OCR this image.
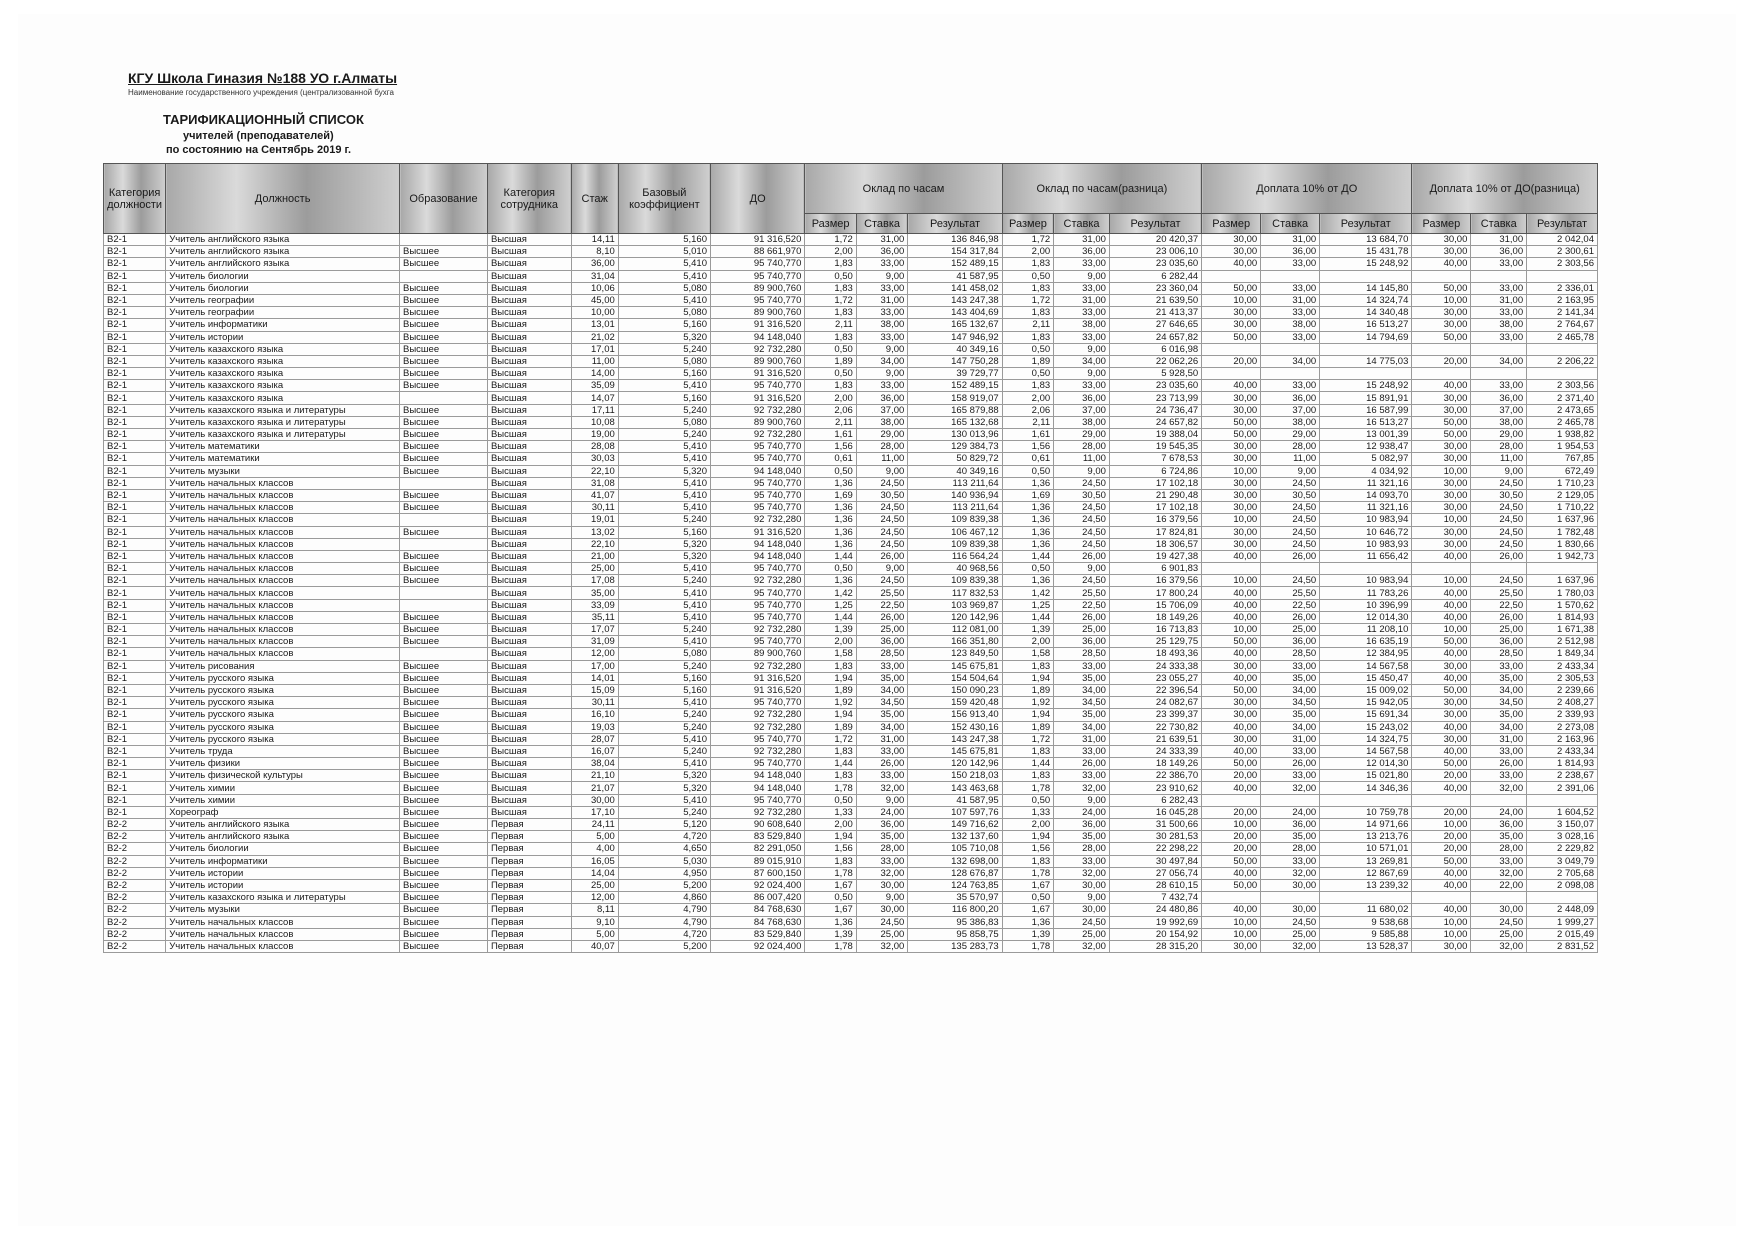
КГУ Школа Гиназия №188 УО г.Алматы
Наименование государственного учреждения (централизованной бухга
ТАРИФИКАЦИОННЫЙ СПИСОК
учителей (преподавателей)
по состоянию на Сентябрь 2019 г.
Категория должности	Должность	Образование	Категория сотрудника	Стаж	Базовый коэффициент	ДО	Оклад по часам			Оклад по часам(разница)			Доплата 10% от ДО			Доплата 10% от ДО(разница)		
							Размер	Ставка	Результат	Размер	Ставка	Результат	Размер	Ставка	Результат	Размер	Ставка	Результат
B2-1	Учитель английского языка		Высшая	14,11	5,160	91 316,520	1,72	31,00	136 846,98	1,72	31,00	20 420,37	30,00	31,00	13 684,70	30,00	31,00	2 042,04
B2-1	Учитель английского языка	Высшее	Высшая	8,10	5,010	88 661,970	2,00	36,00	154 317,84	2,00	36,00	23 006,10	30,00	36,00	15 431,78	30,00	36,00	2 300,61
B2-1	Учитель английского языка	Высшее	Высшая	36,00	5,410	95 740,770	1,83	33,00	152 489,15	1,83	33,00	23 035,60	40,00	33,00	15 248,92	40,00	33,00	2 303,56
B2-1	Учитель биологии		Высшая	31,04	5,410	95 740,770	0,50	9,00	41 587,95	0,50	9,00	6 282,44						
B2-1	Учитель биологии	Высшее	Высшая	10,06	5,080	89 900,760	1,83	33,00	141 458,02	1,83	33,00	23 360,04	50,00	33,00	14 145,80	50,00	33,00	2 336,01
B2-1	Учитель географии	Высшее	Высшая	45,00	5,410	95 740,770	1,72	31,00	143 247,38	1,72	31,00	21 639,50	10,00	31,00	14 324,74	10,00	31,00	2 163,95
B2-1	Учитель географии	Высшее	Высшая	10,00	5,080	89 900,760	1,83	33,00	143 404,69	1,83	33,00	21 413,37	30,00	33,00	14 340,48	30,00	33,00	2 141,34
B2-1	Учитель информатики	Высшее	Высшая	13,01	5,160	91 316,520	2,11	38,00	165 132,67	2,11	38,00	27 646,65	30,00	38,00	16 513,27	30,00	38,00	2 764,67
B2-1	Учитель истории	Высшее	Высшая	21,02	5,320	94 148,040	1,83	33,00	147 946,92	1,83	33,00	24 657,82	50,00	33,00	14 794,69	50,00	33,00	2 465,78
B2-1	Учитель казахского языка	Высшее	Высшая	17,01	5,240	92 732,280	0,50	9,00	40 349,16	0,50	9,00	6 016,98						
B2-1	Учитель казахского языка	Высшее	Высшая	11,00	5,080	89 900,760	1,89	34,00	147 750,28	1,89	34,00	22 062,26	20,00	34,00	14 775,03	20,00	34,00	2 206,22
B2-1	Учитель казахского языка	Высшее	Высшая	14,00	5,160	91 316,520	0,50	9,00	39 729,77	0,50	9,00	5 928,50						
B2-1	Учитель казахского языка	Высшее	Высшая	35,09	5,410	95 740,770	1,83	33,00	152 489,15	1,83	33,00	23 035,60	40,00	33,00	15 248,92	40,00	33,00	2 303,56
B2-1	Учитель казахского языка		Высшая	14,07	5,160	91 316,520	2,00	36,00	158 919,07	2,00	36,00	23 713,99	30,00	36,00	15 891,91	30,00	36,00	2 371,40
B2-1	Учитель казахского языка и литературы	Высшее	Высшая	17,11	5,240	92 732,280	2,06	37,00	165 879,88	2,06	37,00	24 736,47	30,00	37,00	16 587,99	30,00	37,00	2 473,65
B2-1	Учитель казахского языка и литературы	Высшее	Высшая	10,08	5,080	89 900,760	2,11	38,00	165 132,68	2,11	38,00	24 657,82	50,00	38,00	16 513,27	50,00	38,00	2 465,78
B2-1	Учитель казахского языка и литературы	Высшее	Высшая	19,00	5,240	92 732,280	1,61	29,00	130 013,96	1,61	29,00	19 388,04	50,00	29,00	13 001,39	50,00	29,00	1 938,82
B2-1	Учитель математики	Высшее	Высшая	28,08	5,410	95 740,770	1,56	28,00	129 384,73	1,56	28,00	19 545,35	30,00	28,00	12 938,47	30,00	28,00	1 954,53
B2-1	Учитель математики	Высшее	Высшая	30,03	5,410	95 740,770	0,61	11,00	50 829,72	0,61	11,00	7 678,53	30,00	11,00	5 082,97	30,00	11,00	767,85
B2-1	Учитель музыки	Высшее	Высшая	22,10	5,320	94 148,040	0,50	9,00	40 349,16	0,50	9,00	6 724,86	10,00	9,00	4 034,92	10,00	9,00	672,49
B2-1	Учитель начальных классов		Высшая	31,08	5,410	95 740,770	1,36	24,50	113 211,64	1,36	24,50	17 102,18	30,00	24,50	11 321,16	30,00	24,50	1 710,23
B2-1	Учитель начальных классов	Высшее	Высшая	41,07	5,410	95 740,770	1,69	30,50	140 936,94	1,69	30,50	21 290,48	30,00	30,50	14 093,70	30,00	30,50	2 129,05
B2-1	Учитель начальных классов	Высшее	Высшая	30,11	5,410	95 740,770	1,36	24,50	113 211,64	1,36	24,50	17 102,18	30,00	24,50	11 321,16	30,00	24,50	1 710,22
B2-1	Учитель начальных классов		Высшая	19,01	5,240	92 732,280	1,36	24,50	109 839,38	1,36	24,50	16 379,56	10,00	24,50	10 983,94	10,00	24,50	1 637,96
B2-1	Учитель начальных классов	Высшее	Высшая	13,02	5,160	91 316,520	1,36	24,50	106 467,12	1,36	24,50	17 824,81	30,00	24,50	10 646,72	30,00	24,50	1 782,48
B2-1	Учитель начальных классов		Высшая	22,10	5,320	94 148,040	1,36	24,50	109 839,38	1,36	24,50	18 306,57	30,00	24,50	10 983,93	30,00	24,50	1 830,66
B2-1	Учитель начальных классов	Высшее	Высшая	21,00	5,320	94 148,040	1,44	26,00	116 564,24	1,44	26,00	19 427,38	40,00	26,00	11 656,42	40,00	26,00	1 942,73
B2-1	Учитель начальных классов	Высшее	Высшая	25,00	5,410	95 740,770	0,50	9,00	40 968,56	0,50	9,00	6 901,83						
B2-1	Учитель начальных классов	Высшее	Высшая	17,08	5,240	92 732,280	1,36	24,50	109 839,38	1,36	24,50	16 379,56	10,00	24,50	10 983,94	10,00	24,50	1 637,96
B2-1	Учитель начальных классов		Высшая	35,00	5,410	95 740,770	1,42	25,50	117 832,53	1,42	25,50	17 800,24	40,00	25,50	11 783,26	40,00	25,50	1 780,03
B2-1	Учитель начальных классов		Высшая	33,09	5,410	95 740,770	1,25	22,50	103 969,87	1,25	22,50	15 706,09	40,00	22,50	10 396,99	40,00	22,50	1 570,62
B2-1	Учитель начальных классов	Высшее	Высшая	35,11	5,410	95 740,770	1,44	26,00	120 142,96	1,44	26,00	18 149,26	40,00	26,00	12 014,30	40,00	26,00	1 814,93
B2-1	Учитель начальных классов	Высшее	Высшая	17,07	5,240	92 732,280	1,39	25,00	112 081,00	1,39	25,00	16 713,83	10,00	25,00	11 208,10	10,00	25,00	1 671,38
B2-1	Учитель начальных классов	Высшее	Высшая	31,09	5,410	95 740,770	2,00	36,00	166 351,80	2,00	36,00	25 129,75	50,00	36,00	16 635,19	50,00	36,00	2 512,98
B2-1	Учитель начальных классов		Высшая	12,00	5,080	89 900,760	1,58	28,50	123 849,50	1,58	28,50	18 493,36	40,00	28,50	12 384,95	40,00	28,50	1 849,34
B2-1	Учитель рисования	Высшее	Высшая	17,00	5,240	92 732,280	1,83	33,00	145 675,81	1,83	33,00	24 333,38	30,00	33,00	14 567,58	30,00	33,00	2 433,34
B2-1	Учитель русского языка	Высшее	Высшая	14,01	5,160	91 316,520	1,94	35,00	154 504,64	1,94	35,00	23 055,27	40,00	35,00	15 450,47	40,00	35,00	2 305,53
B2-1	Учитель русского языка	Высшее	Высшая	15,09	5,160	91 316,520	1,89	34,00	150 090,23	1,89	34,00	22 396,54	50,00	34,00	15 009,02	50,00	34,00	2 239,66
B2-1	Учитель русского языка	Высшее	Высшая	30,11	5,410	95 740,770	1,92	34,50	159 420,48	1,92	34,50	24 082,67	30,00	34,50	15 942,05	30,00	34,50	2 408,27
B2-1	Учитель русского языка	Высшее	Высшая	16,10	5,240	92 732,280	1,94	35,00	156 913,40	1,94	35,00	23 399,37	30,00	35,00	15 691,34	30,00	35,00	2 339,93
B2-1	Учитель русского языка	Высшее	Высшая	19,03	5,240	92 732,280	1,89	34,00	152 430,16	1,89	34,00	22 730,82	40,00	34,00	15 243,02	40,00	34,00	2 273,08
B2-1	Учитель русского языка	Высшее	Высшая	28,07	5,410	95 740,770	1,72	31,00	143 247,38	1,72	31,00	21 639,51	30,00	31,00	14 324,75	30,00	31,00	2 163,96
B2-1	Учитель труда	Высшее	Высшая	16,07	5,240	92 732,280	1,83	33,00	145 675,81	1,83	33,00	24 333,39	40,00	33,00	14 567,58	40,00	33,00	2 433,34
B2-1	Учитель физики	Высшее	Высшая	38,04	5,410	95 740,770	1,44	26,00	120 142,96	1,44	26,00	18 149,26	50,00	26,00	12 014,30	50,00	26,00	1 814,93
B2-1	Учитель физической культуры	Высшее	Высшая	21,10	5,320	94 148,040	1,83	33,00	150 218,03	1,83	33,00	22 386,70	20,00	33,00	15 021,80	20,00	33,00	2 238,67
B2-1	Учитель химии	Высшее	Высшая	21,07	5,320	94 148,040	1,78	32,00	143 463,68	1,78	32,00	23 910,62	40,00	32,00	14 346,36	40,00	32,00	2 391,06
B2-1	Учитель химии	Высшее	Высшая	30,00	5,410	95 740,770	0,50	9,00	41 587,95	0,50	9,00	6 282,43						
B2-1	Хореограф	Высшее	Высшая	17,10	5,240	92 732,280	1,33	24,00	107 597,76	1,33	24,00	16 045,28	20,00	24,00	10 759,78	20,00	24,00	1 604,52
B2-2	Учитель английского языка	Высшее	Первая	24,11	5,120	90 608,640	2,00	36,00	149 716,62	2,00	36,00	31 500,66	10,00	36,00	14 971,66	10,00	36,00	3 150,07
B2-2	Учитель английского языка	Высшее	Первая	5,00	4,720	83 529,840	1,94	35,00	132 137,60	1,94	35,00	30 281,53	20,00	35,00	13 213,76	20,00	35,00	3 028,16
B2-2	Учитель биологии	Высшее	Первая	4,00	4,650	82 291,050	1,56	28,00	105 710,08	1,56	28,00	22 298,22	20,00	28,00	10 571,01	20,00	28,00	2 229,82
B2-2	Учитель информатики	Высшее	Первая	16,05	5,030	89 015,910	1,83	33,00	132 698,00	1,83	33,00	30 497,84	50,00	33,00	13 269,81	50,00	33,00	3 049,79
B2-2	Учитель истории	Высшее	Первая	14,04	4,950	87 600,150	1,78	32,00	128 676,87	1,78	32,00	27 056,74	40,00	32,00	12 867,69	40,00	32,00	2 705,68
B2-2	Учитель истории	Высшее	Первая	25,00	5,200	92 024,400	1,67	30,00	124 763,85	1,67	30,00	28 610,15	50,00	30,00	13 239,32	40,00	22,00	2 098,08
B2-2	Учитель казахского языка и литературы	Высшее	Первая	12,00	4,860	86 007,420	0,50	9,00	35 570,97	0,50	9,00	7 432,74						
B2-2	Учитель музыки	Высшее	Первая	8,11	4,790	84 768,630	1,67	30,00	116 800,20	1,67	30,00	24 480,86	40,00	30,00	11 680,02	40,00	30,00	2 448,09
B2-2	Учитель начальных классов	Высшее	Первая	9,10	4,790	84 768,630	1,36	24,50	95 386,83	1,36	24,50	19 992,69	10,00	24,50	9 538,68	10,00	24,50	1 999,27
B2-2	Учитель начальных классов	Высшее	Первая	5,00	4,720	83 529,840	1,39	25,00	95 858,75	1,39	25,00	20 154,92	10,00	25,00	9 585,88	10,00	25,00	2 015,49
B2-2	Учитель начальных классов	Высшее	Первая	40,07	5,200	92 024,400	1,78	32,00	135 283,73	1,78	32,00	28 315,20	30,00	32,00	13 528,37	30,00	32,00	2 831,52
